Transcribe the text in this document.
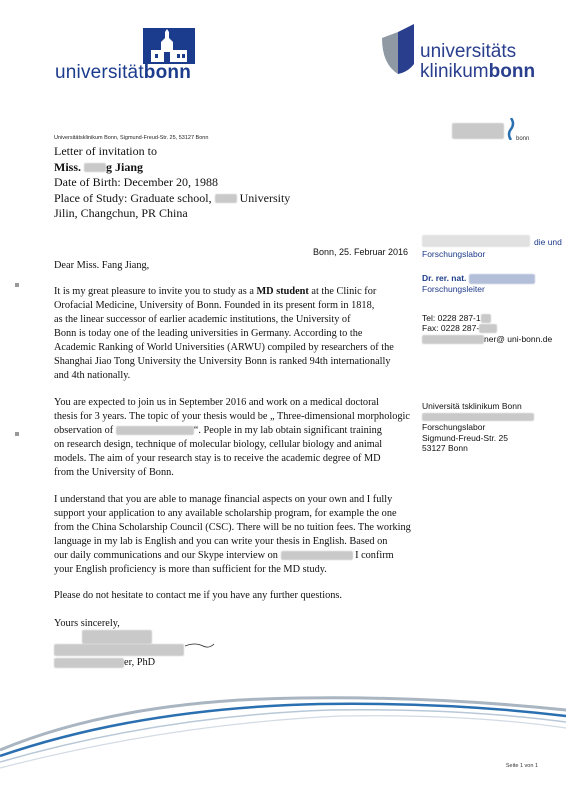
universitätbonn
universitäts
klinikumbonn
bonn
Universitätsklinikum Bonn, Sigmund-Freud-Str. 25, 53127 Bonn
Letter of invitation to
Miss. g Jiang
Date of Birth: December 20, 1988
Place of Study: Graduate school, University
Jilin, Changchun, PR China
Bonn, 25. Februar 2016
Dear Miss. Fang Jiang,
It is my great pleasure to invite you to study as a MD student at the Clinic for
Orofacial Medicine, University of Bonn. Founded in its present form in 1818,
as the linear successor of earlier academic institutions, the University of
Bonn is today one of the leading universities in Germany. According to the
Academic Ranking of World Universities (ARWU) compiled by researchers of the
Shanghai Jiao Tong University the University Bonn is ranked 94th internationally
and 4th nationally.
You are expected to join us in September 2016 and work on a medical doctoral
thesis for 3 years. The topic of your thesis would be „ Three-dimensional morphologic
observation of	“. People in my lab obtain significant training
on research design, technique of molecular biology, cellular biology and animal
models. The aim of your research stay is to receive the academic degree of MD
from the University of Bonn.
I understand that you are able to manage financial aspects on your own and I fully
support your application to any available scholarship program, for example the one
from the China Scholarship Council (CSC). There will be no tuition fees. The working
language in my lab is English and you can write your thesis in English. Based on
our daily communications and our Skype interview on	I confirm
your English proficiency is more than sufficient for the MD study.
Please do not hesitate to contact me if you have any further questions.
Yours sincerely,
er, PhD
die und
Forschungslabor
Dr. rer. nat.
Forschungsleiter
Tel: 0228 287-1
Fax: 0228 287-
ner@ uni-bonn.de
Universitä tsklinikum Bonn
Forschungslabor
Sigmund-Freud-Str. 25
53127 Bonn
Seite 1 von 1
